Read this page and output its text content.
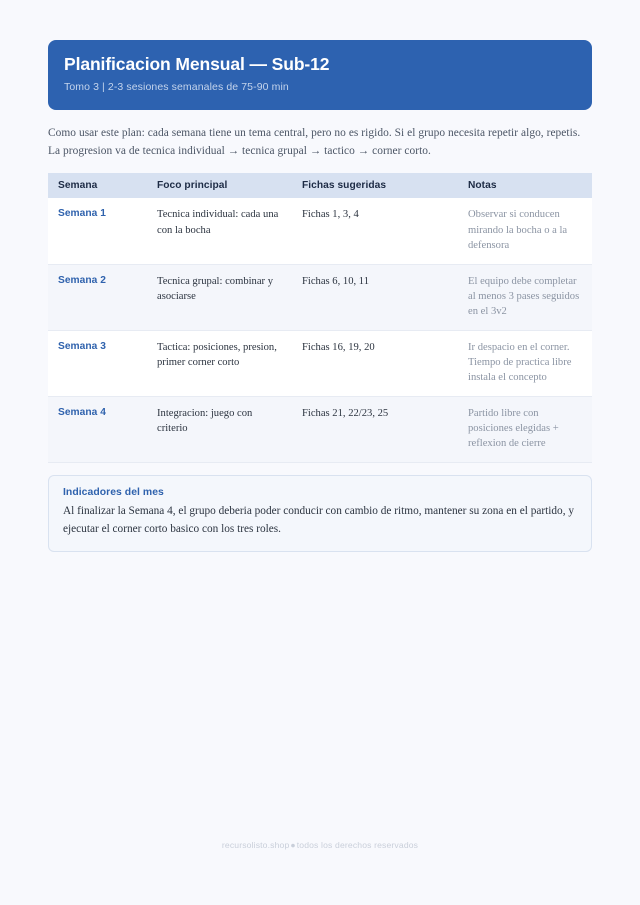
Planificacion Mensual — Sub-12
Tomo 3 | 2-3 sesiones semanales de 75-90 min

Como usar este plan: cada semana tiene un tema central, pero no es rigido. Si el grupo necesita repetir algo, repetis. La progresion va de tecnica individual → tecnica grupal → tactico → corner corto.

Semana	Foco principal	Fichas sugeridas	Notas
Semana 1	Tecnica individual: cada una con la bocha	Fichas 1, 3, 4	Observar si conducen mirando la bocha o a la defensora
Semana 2	Tecnica grupal: combinar y asociarse	Fichas 6, 10, 11	El equipo debe completar al menos 3 pases seguidos en el 3v2
Semana 3	Tactica: posiciones, presion, primer corner corto	Fichas 16, 19, 20	Ir despacio en el corner. Tiempo de practica libre instala el concepto
Semana 4	Integracion: juego con criterio	Fichas 21, 22/23, 25	Partido libre con posiciones elegidas + reflexion de cierre
Indicadores del mes

Al finalizar la Semana 4, el grupo deberia poder conducir con cambio de ritmo, mantener su zona en el partido, y ejecutar el corner corto basico con los tres roles.

recursolisto.shop●todos los derechos reservados
